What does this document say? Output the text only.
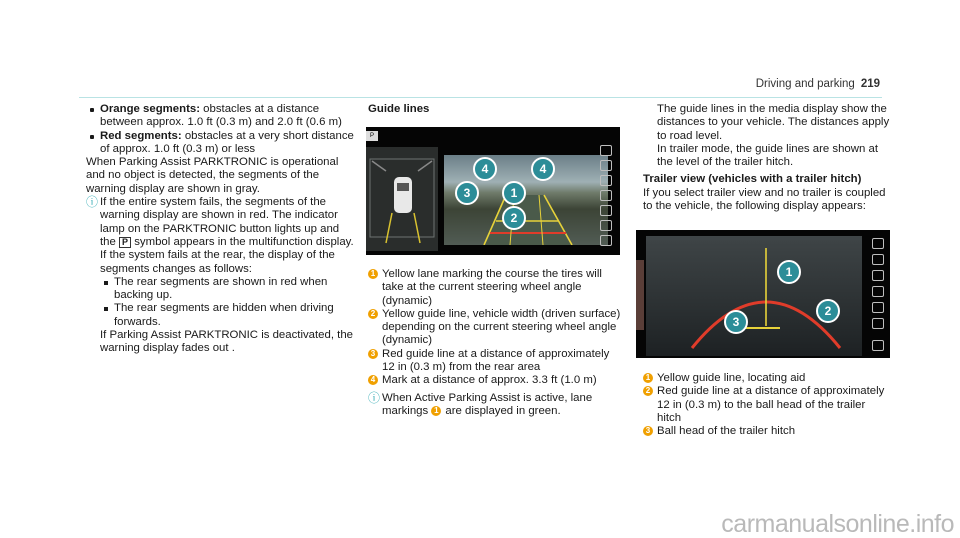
Driving and parking 219
Orange segments: obstacles at a distance between approx. 1.0 ft (0.3 m) and 2.0 ft (0.6 m)
Red segments: obstacles at a very short distance of approx. 1.0 ft (0.3 m) or less
When Parking Assist PARKTRONIC is operational and no object is detected, the segments of the warning display are shown in gray.
ⓘ If the entire system fails, the segments of the warning display are shown in red. The indicator lamp on the PARKTRONIC button lights up and the P symbol appears in the multifunction display.
If the system fails at the rear, the display of the segments changes as follows:
The rear segments are shown in red when backing up.
The rear segments are hidden when driving forwards.
If Parking Assist PARKTRONIC is deactivated, the warning display fades out .
Guide lines
P
4	4
3	1
2
1 Yellow lane marking the course the tires will take at the current steering wheel angle (dynamic)
2 Yellow guide line, vehicle width (driven surface) depending on the current steering wheel angle (dynamic)
3 Red guide line at a distance of approximately 12 in (0.3 m) from the rear area
4 Mark at a distance of approx. 3.3 ft (1.0 m)
ⓘ When Active Parking Assist is active, lane markings 1 are displayed in green.
The guide lines in the media display show the distances to your vehicle. The distances apply to road level.
In trailer mode, the guide lines are shown at the level of the trailer hitch.
Trailer view (vehicles with a trailer hitch)
If you select trailer view and no trailer is coupled to the vehicle, the following display appears:
1
2
3
1 Yellow guide line, locating aid
2 Red guide line at a distance of approximately 12 in (0.3 m) to the ball head of the trailer hitch
3 Ball head of the trailer hitch
carmanualsonline.info
